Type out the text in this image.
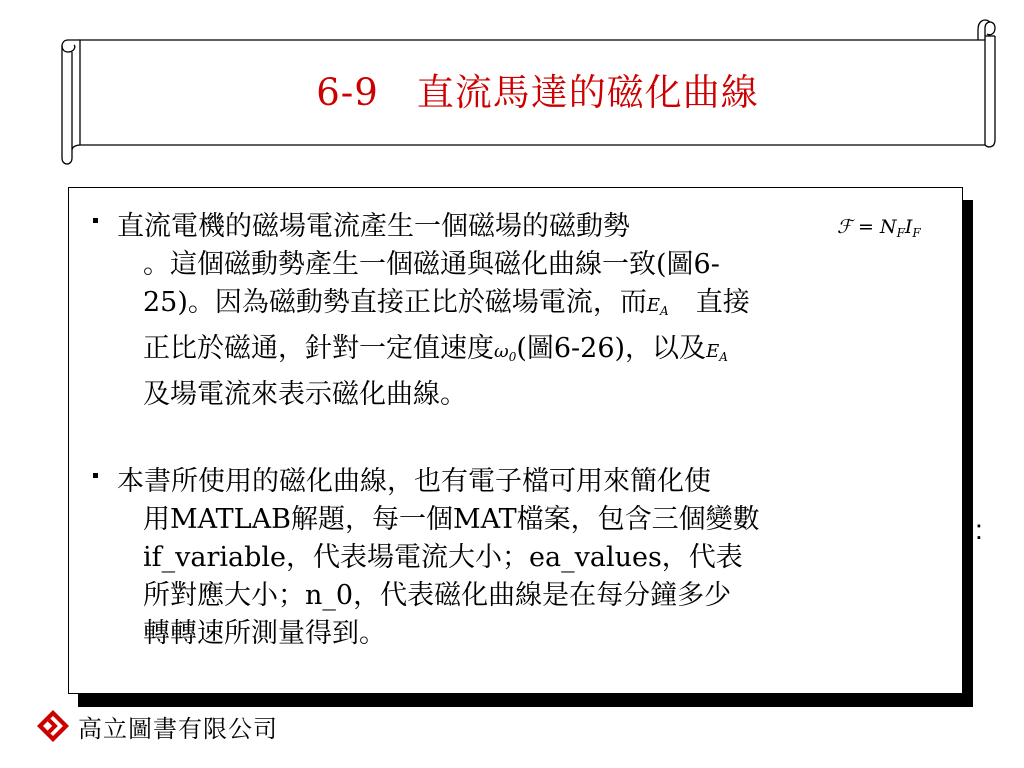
6-9　直流馬達的磁化曲線
直流電機的磁場電流產生一個磁場的磁動勢
。這個磁動勢產生一個磁通與磁化曲線一致(圖6-
25)。因為磁動勢直接正比於磁場電流，而$E_A$　直接
正比於磁通，針對一定值速度$\omega_0$(圖6-26)，以及$E_A$
及場電流來表示磁化曲線。
ℱ = $N_FI_F$
本書所使用的磁化曲線，也有電子檔可用來簡化使
用MATLAB解題，每一個MAT檔案，包含三個變數
if_variable，代表場電流大小；ea_values，代表
所對應大小；n_0，代表磁化曲線是在每分鐘多少
轉轉速所測量得到。
:
高立圖書有限公司
